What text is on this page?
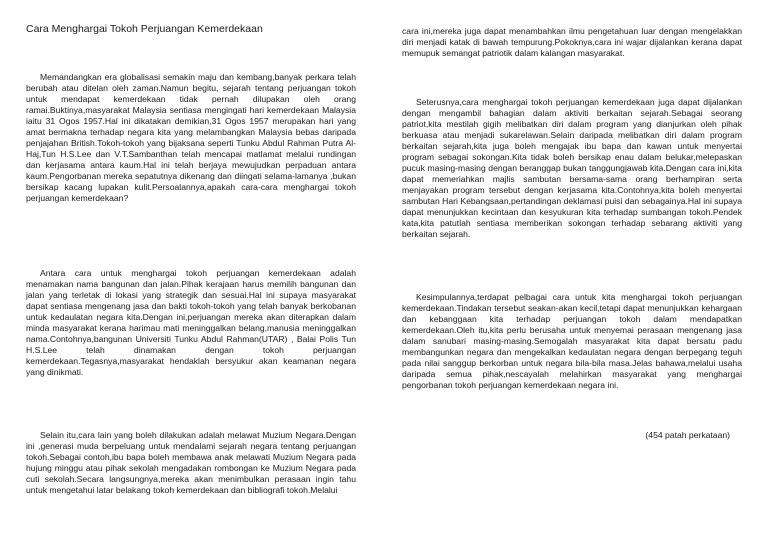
Cara Menghargai Tokoh Perjuangan Kemerdekaan

Memandangkan era globalisasi semakin maju dan kembang,banyak perkara telah berubah atau ditelan oleh zaman.Namun begitu, sejarah tentang perjuangan tokoh untuk mendapat kemerdekaan tidak pernah dilupakan oleh orang ramai.Buktinya,masyarakat Malaysia sentiasa mengingati hari kemerdekaan Malaysia iaitu 31 Ogos 1957.Hal ini dikatakan demikian,31 Ogos 1957 merupakan hari yang amat bermakna terhadap negara kita yang melambangkan Malaysia bebas daripada penjajahan British.Tokoh-tokoh yang bijaksana seperti Tunku Abdul Rahman Putra Al-Haj,Tun H.S.Lee dan V.T.Sambanthan telah mencapai matlamat melalui rundingan dan kerjasama antara kaum.Hal ini telah berjaya mewujudkan perpaduan antara kaum.Pengorbanan mereka sepatutnya dikenang dan diingati selama-lamanya ,bukan bersikap kacang lupakan kulit.Persoalannya,apakah cara-cara menghargai tokoh perjuangan kemerdekaan?

Antara cara untuk menghargai tokoh perjuangan kemerdekaan adalah menamakan nama bangunan dan jalan.Pihak kerajaan harus memilih bangunan dan jalan yang terletak di lokasi yang strategik dan sesuai.Hal ini supaya masyarakat dapat sentiasa mengenang jasa dan bakti tokoh-tokoh yang telah banyak berkobanan untuk kedaulatan negara kita.Dengan ini,perjuangan mereka akan diterapkan dalam minda masyarakat kerana harimau mati meninggalkan belang,manusia meninggalkan nama.Contohnya,bangunan Universiti Tunku Abdul Rahman(UTAR) , Balai Polis Tun H.S.Lee telah dinamakan dengan tokoh perjuangan kemerdekaan.Tegasnya,masyarakat hendaklah bersyukur akan keamanan negara yang dinikmati.

Selain itu,cara lain yang boleh dilakukan adalah melawat Muzium Negara.Dengan ini ,generasi muda berpeluang untuk mendalami sejarah negara tentang perjuangan tokoh.Sebagai contoh,ibu bapa boleh membawa anak melawati Muzium Negara pada hujung minggu atau pihak sekolah mengadakan rombongan ke Muzium Negara pada cuti sekolah.Secara langsungnya,mereka akan menimbulkan perasaan ingin tahu untuk mengetahui latar belakang tokoh kemerdekaan dan bibliografi tokoh.Melalui

cara ini,mereka juga dapat menambahkan ilmu pengetahuan luar dengan mengelakkan diri menjadi katak di bawah tempurung.Pokoknya,cara ini wajar dijalankan kerana dapat memupuk semangat patriotik dalam kalangan masyarakat.

Seterusnya,cara menghargai tokoh perjuangan kemerdekaan juga dapat dijalankan dengan mengambil bahagian dalam aktiviti berkaitan sejarah.Sebagai seorang patriot,kita mestilah gigih melibatkan diri dalam program yang dianjurkan oleh pihak berkuasa atau menjadi sukarelawan.Selain daripada melibatkan diri dalam program berkaitan sejarah,kita juga boleh mengajak ibu bapa dan kawan untuk menyertai program sebagai sokongan.Kita tidak boleh bersikap enau dalam belukar,melepaskan pucuk masing-masing dengan beranggap bukan tanggungjawab kita.Dengan cara ini,kita dapat memeriahkan majlis sambutan bersama-sama orang berhampiran serta menjayakan program tersebut dengan kerjasama kita.Contohnya,kita boleh menyertai sambutan Hari Kebangsaan,pertandingan deklamasi puisi dan sebagainya.Hal ini supaya dapat menunjukkan kecintaan dan kesyukuran kita terhadap sumbangan tokoh.Pendek kata,kita patutlah sentiasa memberikan sokongan terhadap sebarang aktiviti yang berkaitan sejarah.

Kesimpulannya,terdapat pelbagai cara untuk kita menghargai tokoh perjuangan kemerdekaan.Tindakan tersebut seakan-akan kecil,tetapi dapat menunjukkan kehargaan dan kebanggaan kita terhadap perjuangan tokoh dalam mendapatkan kemerdekaan.Oleh itu,kita perlu berusaha untuk menyemai perasaan mengenang jasa dalam sanubari masing-masing.Semogalah masyarakat kita dapat bersatu padu membangunkan negara dan mengekalkan kedaulatan negara dengan berpegang teguh pada nilai sanggup berkorban untuk negara bila-bila masa.Jelas bahawa,melalui usaha daripada semua pihak,nescayalah melahirkan masyarakat yang menghargai pengorbanan tokoh perjuangan kemerdekaan negara ini.

(454 patah perkataan)
